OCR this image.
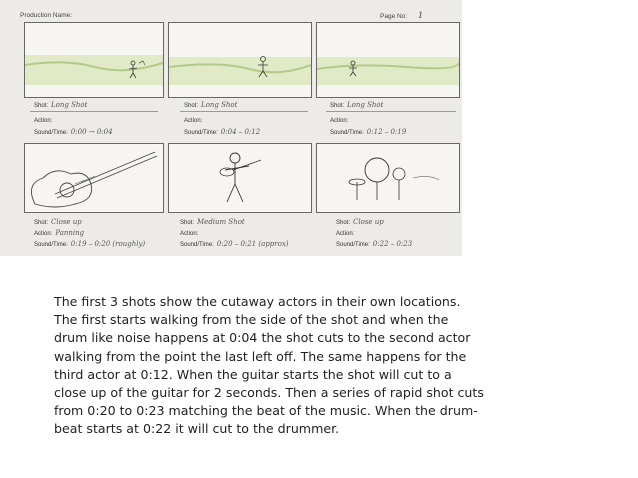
Production Name:	Page No: 1
Shot: Long Shot
Action:
Sound/Time: 0:00 → 0:04
Shot: Long Shot
Action:
Sound/Time: 0:04 – 0:12
Shot: Long Shot
Action:
Sound/Time: 0:12 – 0:19
Shot: Close up
Action: Panning
Sound/Time: 0:19 – 0:20 (roughly)
Shot: Medium Shot
Action:
Sound/Time: 0:20 – 0:21 (approx)
Shot: Close up
Action:
Sound/Time: 0:22 – 0:23

The first 3 shots show the cutaway actors in their own locations. The first starts walking from the side of the shot and when the drum like noise happens at 0:04 the shot cuts to the second actor walking from the point the last left off. The same happens for the third actor at 0:12. When the guitar starts the shot will cut to a close up of the guitar for 2 seconds. Then a series of rapid shot cuts from 0:20 to 0:23 matching the beat of the music. When the drum-beat starts at 0:22 it will cut to the drummer.
